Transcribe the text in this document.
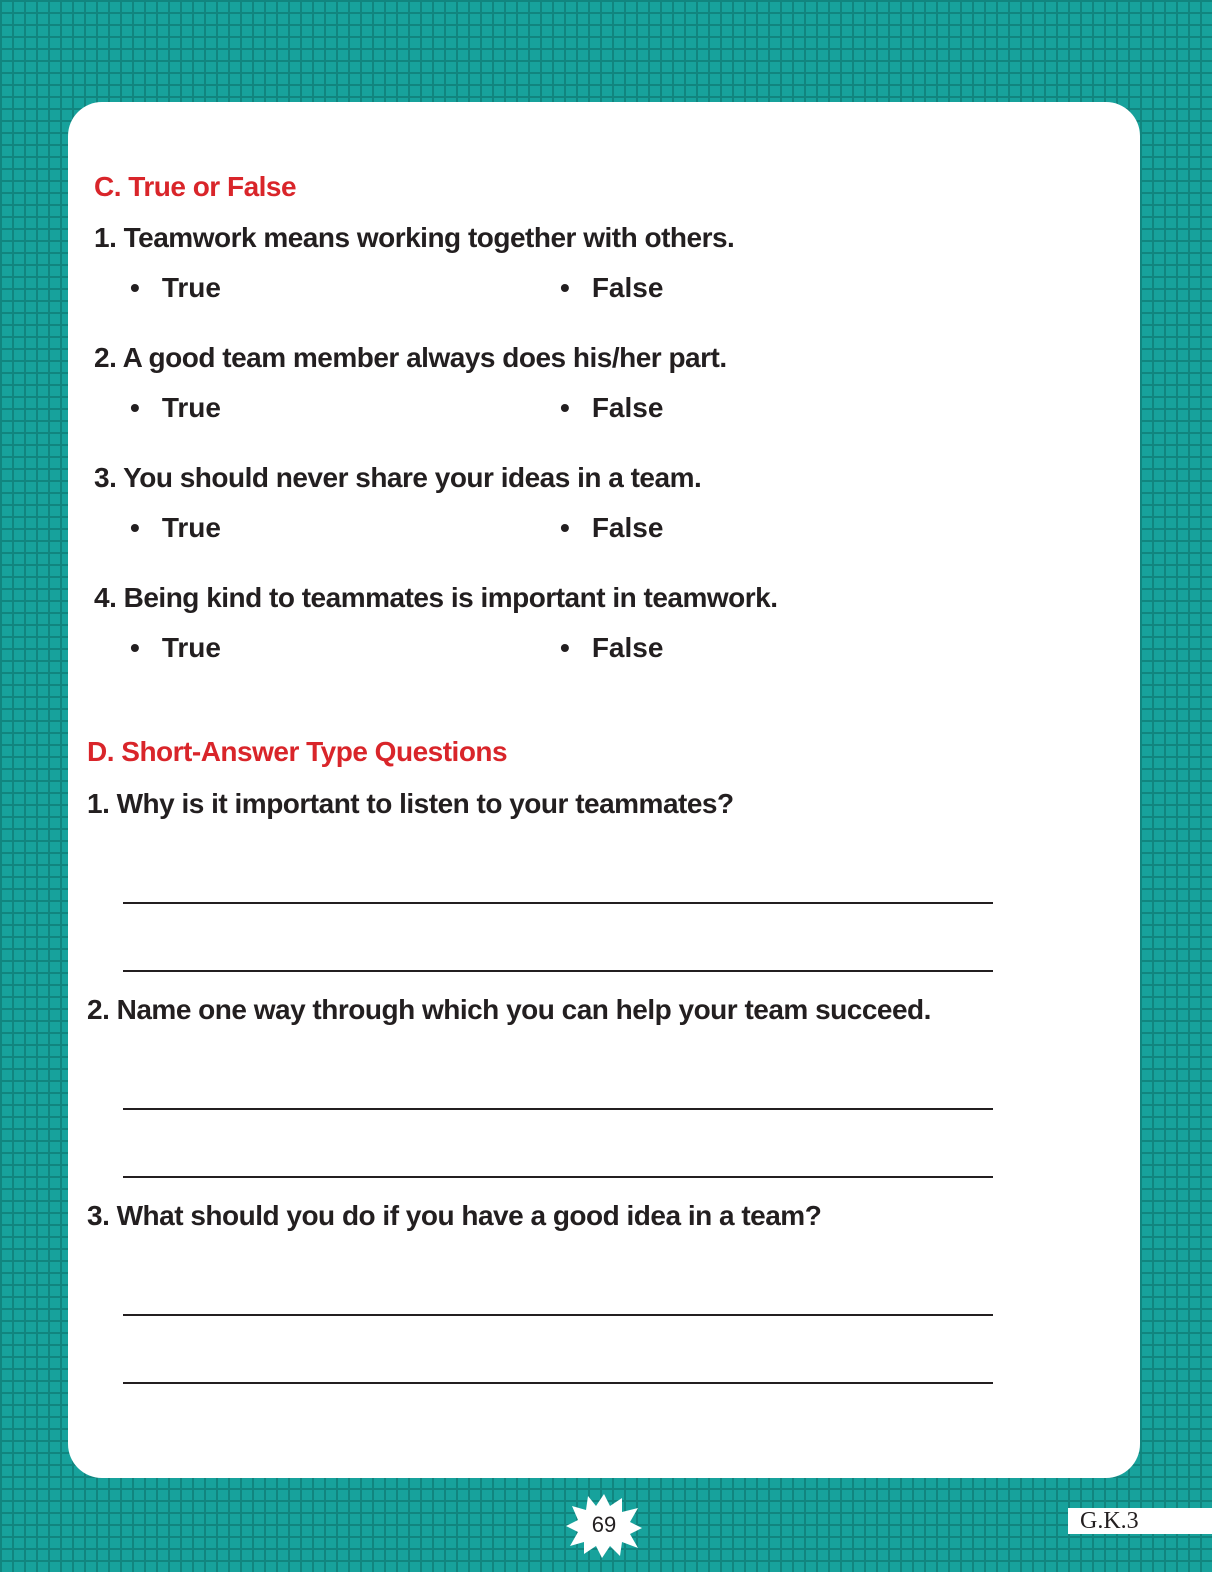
C. True or False
1. Teamwork means working together with others.
• True	• False
2. A good team member always does his/her part.
• True	• False
3. You should never share your ideas in a team.
• True	• False
4. Being kind to teammates is important in teamwork.
• True	• False
D. Short-Answer Type Questions
1. Why is it important to listen to your teammates?
2. Name one way through which you can help your team succeed.
3. What should you do if you have a good idea in a team?
69	G.K.3
